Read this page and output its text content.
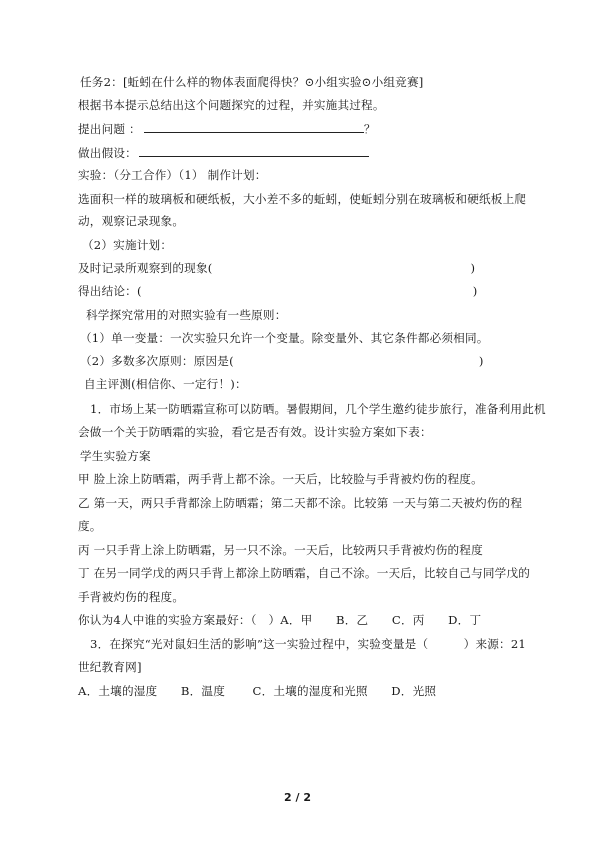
任务2：[蚯蚓在什么样的物体表面爬得快？⊙小组实验⊙小组竞赛]
根据书本提示总结出这个问题探究的过程，并实施其过程。
提出问题 ：	？
做出假设：
实验：（分工合作）（1） 制作计划：
选面积一样的玻璃板和硬纸板，大小差不多的蚯蚓，使蚯蚓分别在玻璃板和硬纸板上爬
动，观察记录现象。
（2）实施计划：
及时记录所观察到的现象(	)
得出结论：(	)
科学探究常用的对照实验有一些原则：
（1）单一变量：一次实验只允许一个变量。除变量外、其它条件都必须相同。
（2）多数多次原则：原因是(	)
自主评测(相信你、一定行！)：
1．市场上某一防晒霜宣称可以防晒。暑假期间，几个学生邀约徒步旅行，准备利用此机
会做一个关于防晒霜的实验，看它是否有效。设计实验方案如下表：
学生实验方案
甲 脸上涂上防晒霜，两手背上都不涂。一天后，比较脸与手背被灼伤的程度。
乙 第一天，两只手背都涂上防晒霜；第二天都不涂。比较第 一天与第二天被灼伤的程
度。
丙 一只手背上涂上防晒霜，另一只不涂。一天后，比较两只手背被灼伤的程度
丁 在另一同学戊的两只手背上都涂上防晒霜，自己不涂。一天后，比较自己与同学戊的
手背被灼伤的程度。
你认为4人中谁的实验方案最好：（　）A．甲　　B．乙　　C．丙　　D．丁
3．在探究“光对鼠妇生活的影响”这一实验过程中，实验变量是（　　　）来源：21
世纪教育网]
A．土壤的湿度　　B．温度　　 C．土壤的湿度和光照　　D．光照
2 / 2
